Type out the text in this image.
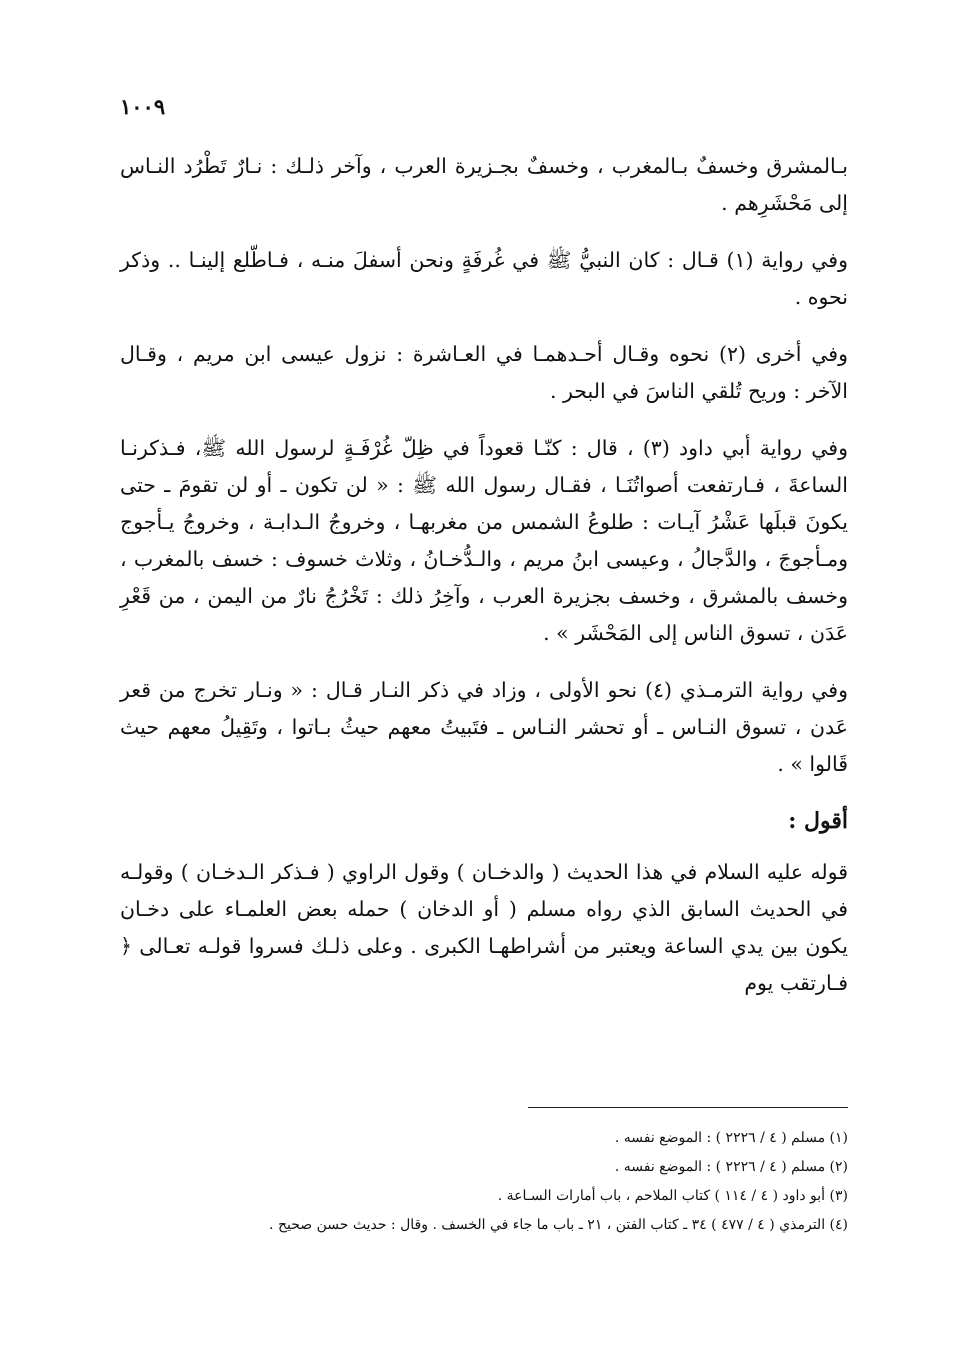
١٠٠٩

بـالمشرق وخسفٌ بـالمغرب ، وخسفٌ بجـزيرة العرب ، وآخر ذلـك : نـارٌ تَطْرُد النـاس إلى مَحْشَرِهم .

وفي رواية (١) قـال : كان النبيُّ ﷺ في غُرفَةٍ ونحن أسفلَ منـه ، فـاطّلع إلينـا .. وذكر نحوه .

وفي أخرى (٢) نحوه وقـال أحـدهمـا في العـاشرة : نزول عيسى ابن مريم ، وقـال الآخر : وريح تُلقي الناسَ في البحر .

وفي رواية أبي داود (٣) ، قال : كنّـا قعوداً في ظِلّ غُرْفَـةٍ لرسول الله ﷺ، فـذكرنـا الساعةَ ، فـارتفعت أصواتُنَـا ، فقـال رسول الله ﷺ : « لن تكون ـ أو لن تقومَ ـ حتى يكونَ قبلَها عَشْرُ آيـات : طلوعُ الشمس من مغربهـا ، وخروجُ الـدابـة ، وخروجُ يـأجوج ومـأجوجَ ، والدَّجالُ ، وعيسى ابنُ مريم ، والـدُّخـانُ ، وثلاث خسوف : خسف بالمغرب ، وخسف بالمشرق ، وخسف بجزيرة العرب ، وآخِرُ ذلك : تَخْرُجُ نارٌ من اليمن ، من قَعْرِ عَدَن ، تسوق الناس إلى المَحْشَر » .

وفي رواية الترمـذي (٤) نحو الأولى ، وزاد في ذكر النـار قـال : « ونـار تخرج من قعر عَدن ، تسوق النـاس ـ أو تحشر النـاس ـ فتَبيتُ معهم حيثُ بـاتوا ، وتَقِيلُ معهم حيث قَالوا » .

أقول :

قوله عليه السلام في هذا الحديث ( والدخـان ) وقول الراوي ( فـذكر الـدخـان ) وقولـه في الحديث السابق الذي رواه مسلم ( أو الدخان ) حمله بعض العلمـاء على دخـان يكون بين يدي الساعة ويعتبر من أشراطهـا الكبرى . وعلى ذلـك فسروا قولـه تعـالى ﴿ فـارتقب يوم

(١) مسلم ( ٤ / ٢٢٢٦ ) : الموضع نفسه .

(٢) مسلم ( ٤ / ٢٢٢٦ ) : الموضع نفسه .

(٣) أبو داود ( ٤ / ١١٤ ) كتاب الملاحم ، باب أمارات السـاعة .

(٤) الترمذي ( ٤ / ٤٧٧ ) ٣٤ ـ كتاب الفتن ، ٢١ ـ باب ما جاء في الخسف . وقال : حديث حسن صحيح .
